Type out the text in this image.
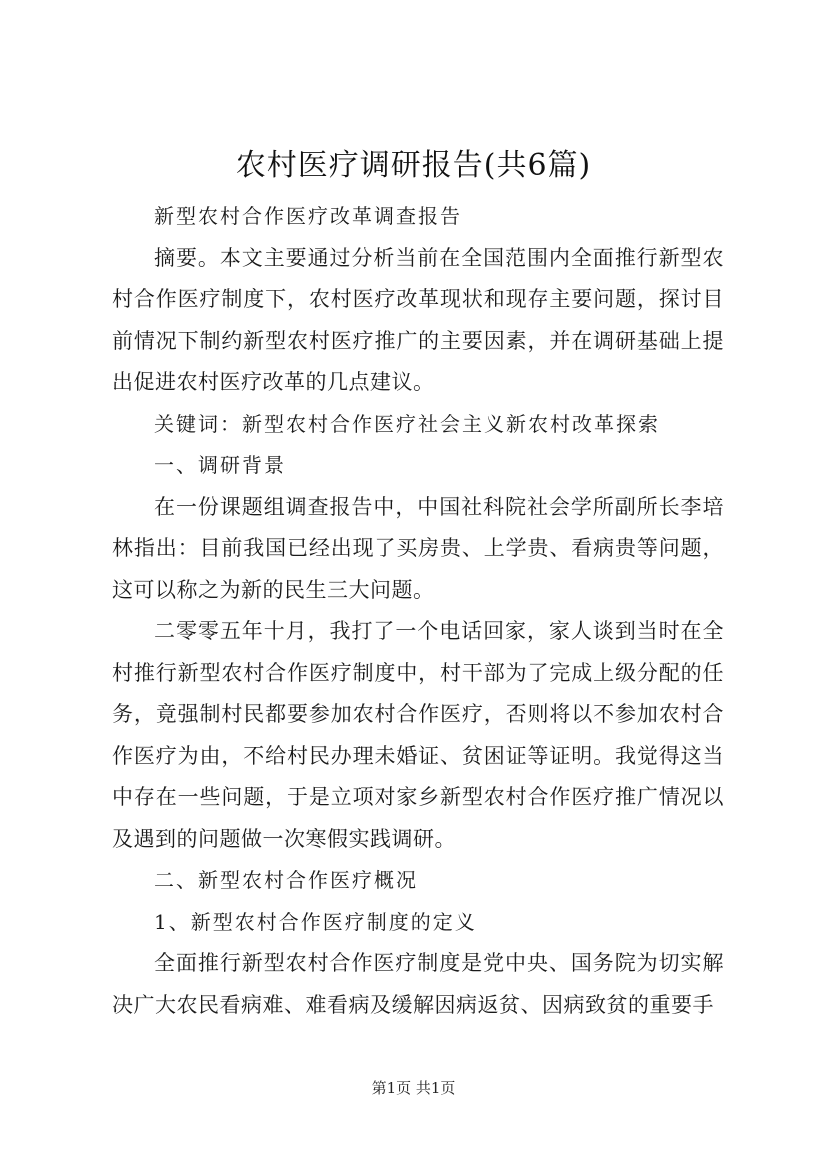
农村医疗调研报告(共6篇)

新型农村合作医疗改革调查报告

摘要。本文主要通过分析当前在全国范围内全面推行新型农村合作医疗制度下，农村医疗改革现状和现存主要问题，探讨目前情况下制约新型农村医疗推广的主要因素，并在调研基础上提出促进农村医疗改革的几点建议。

关键词：新型农村合作医疗社会主义新农村改革探索

一、调研背景

在一份课题组调查报告中，中国社科院社会学所副所长李培林指出：目前我国已经出现了买房贵、上学贵、看病贵等问题，这可以称之为新的民生三大问题。

二零零五年十月，我打了一个电话回家，家人谈到当时在全村推行新型农村合作医疗制度中，村干部为了完成上级分配的任务，竟强制村民都要参加农村合作医疗，否则将以不参加农村合作医疗为由，不给村民办理未婚证、贫困证等证明。我觉得这当中存在一些问题，于是立项对家乡新型农村合作医疗推广情况以及遇到的问题做一次寒假实践调研。

二、新型农村合作医疗概况

1、新型农村合作医疗制度的定义

全面推行新型农村合作医疗制度是党中央、国务院为切实解决广大农民看病难、难看病及缓解因病返贫、因病致贫的重要手

第1页 共1页
